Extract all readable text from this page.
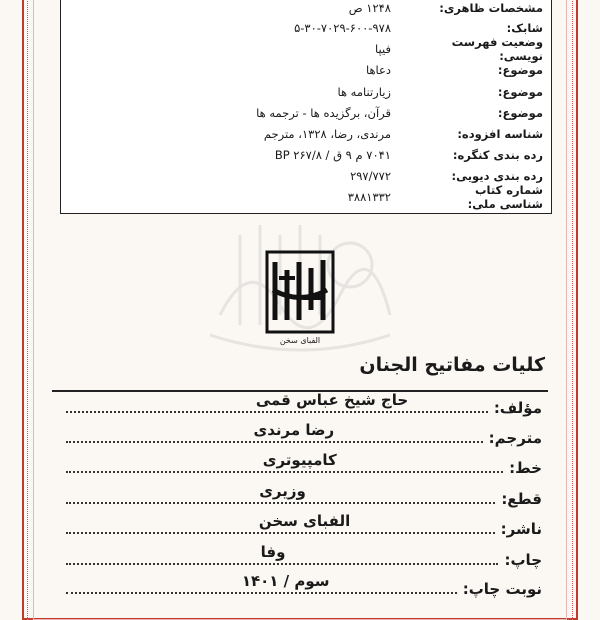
مشخصات ظاهری:
۱۲۴۸ ص
شابک:
۵-۳۰-۷۰۲۹-۶۰۰-۹۷۸
وضعیت فهرست نویسی:
فیپا
موضوع:
دعاها
موضوع:
زیارتنامه ها
موضوع:
قرآن، برگزیده ها - ترجمه ها
شناسه افزوده:
مرندی، رضا، ۱۳۲۸، مترجم
رده بندی کنگره:
۷۰۴۱ م ۹ ق / ۲۶۷/۸ BP
رده بندی دیویی:
۲۹۷/۷۷۲
شماره کتاب شناسی ملی:
۳۸۸۱۳۳۲
الفبای سخن
کلیات مفاتیح الجنان
مؤلف:
حاج شیخ عباس قمی
مترجم:
رضا مرندی
خط:
کامپیوتری
قطع:
وزیری
ناشر:
الفبای سخن
چاپ:
وفا
نوبت چاپ:
سوم / ۱۴۰۱
